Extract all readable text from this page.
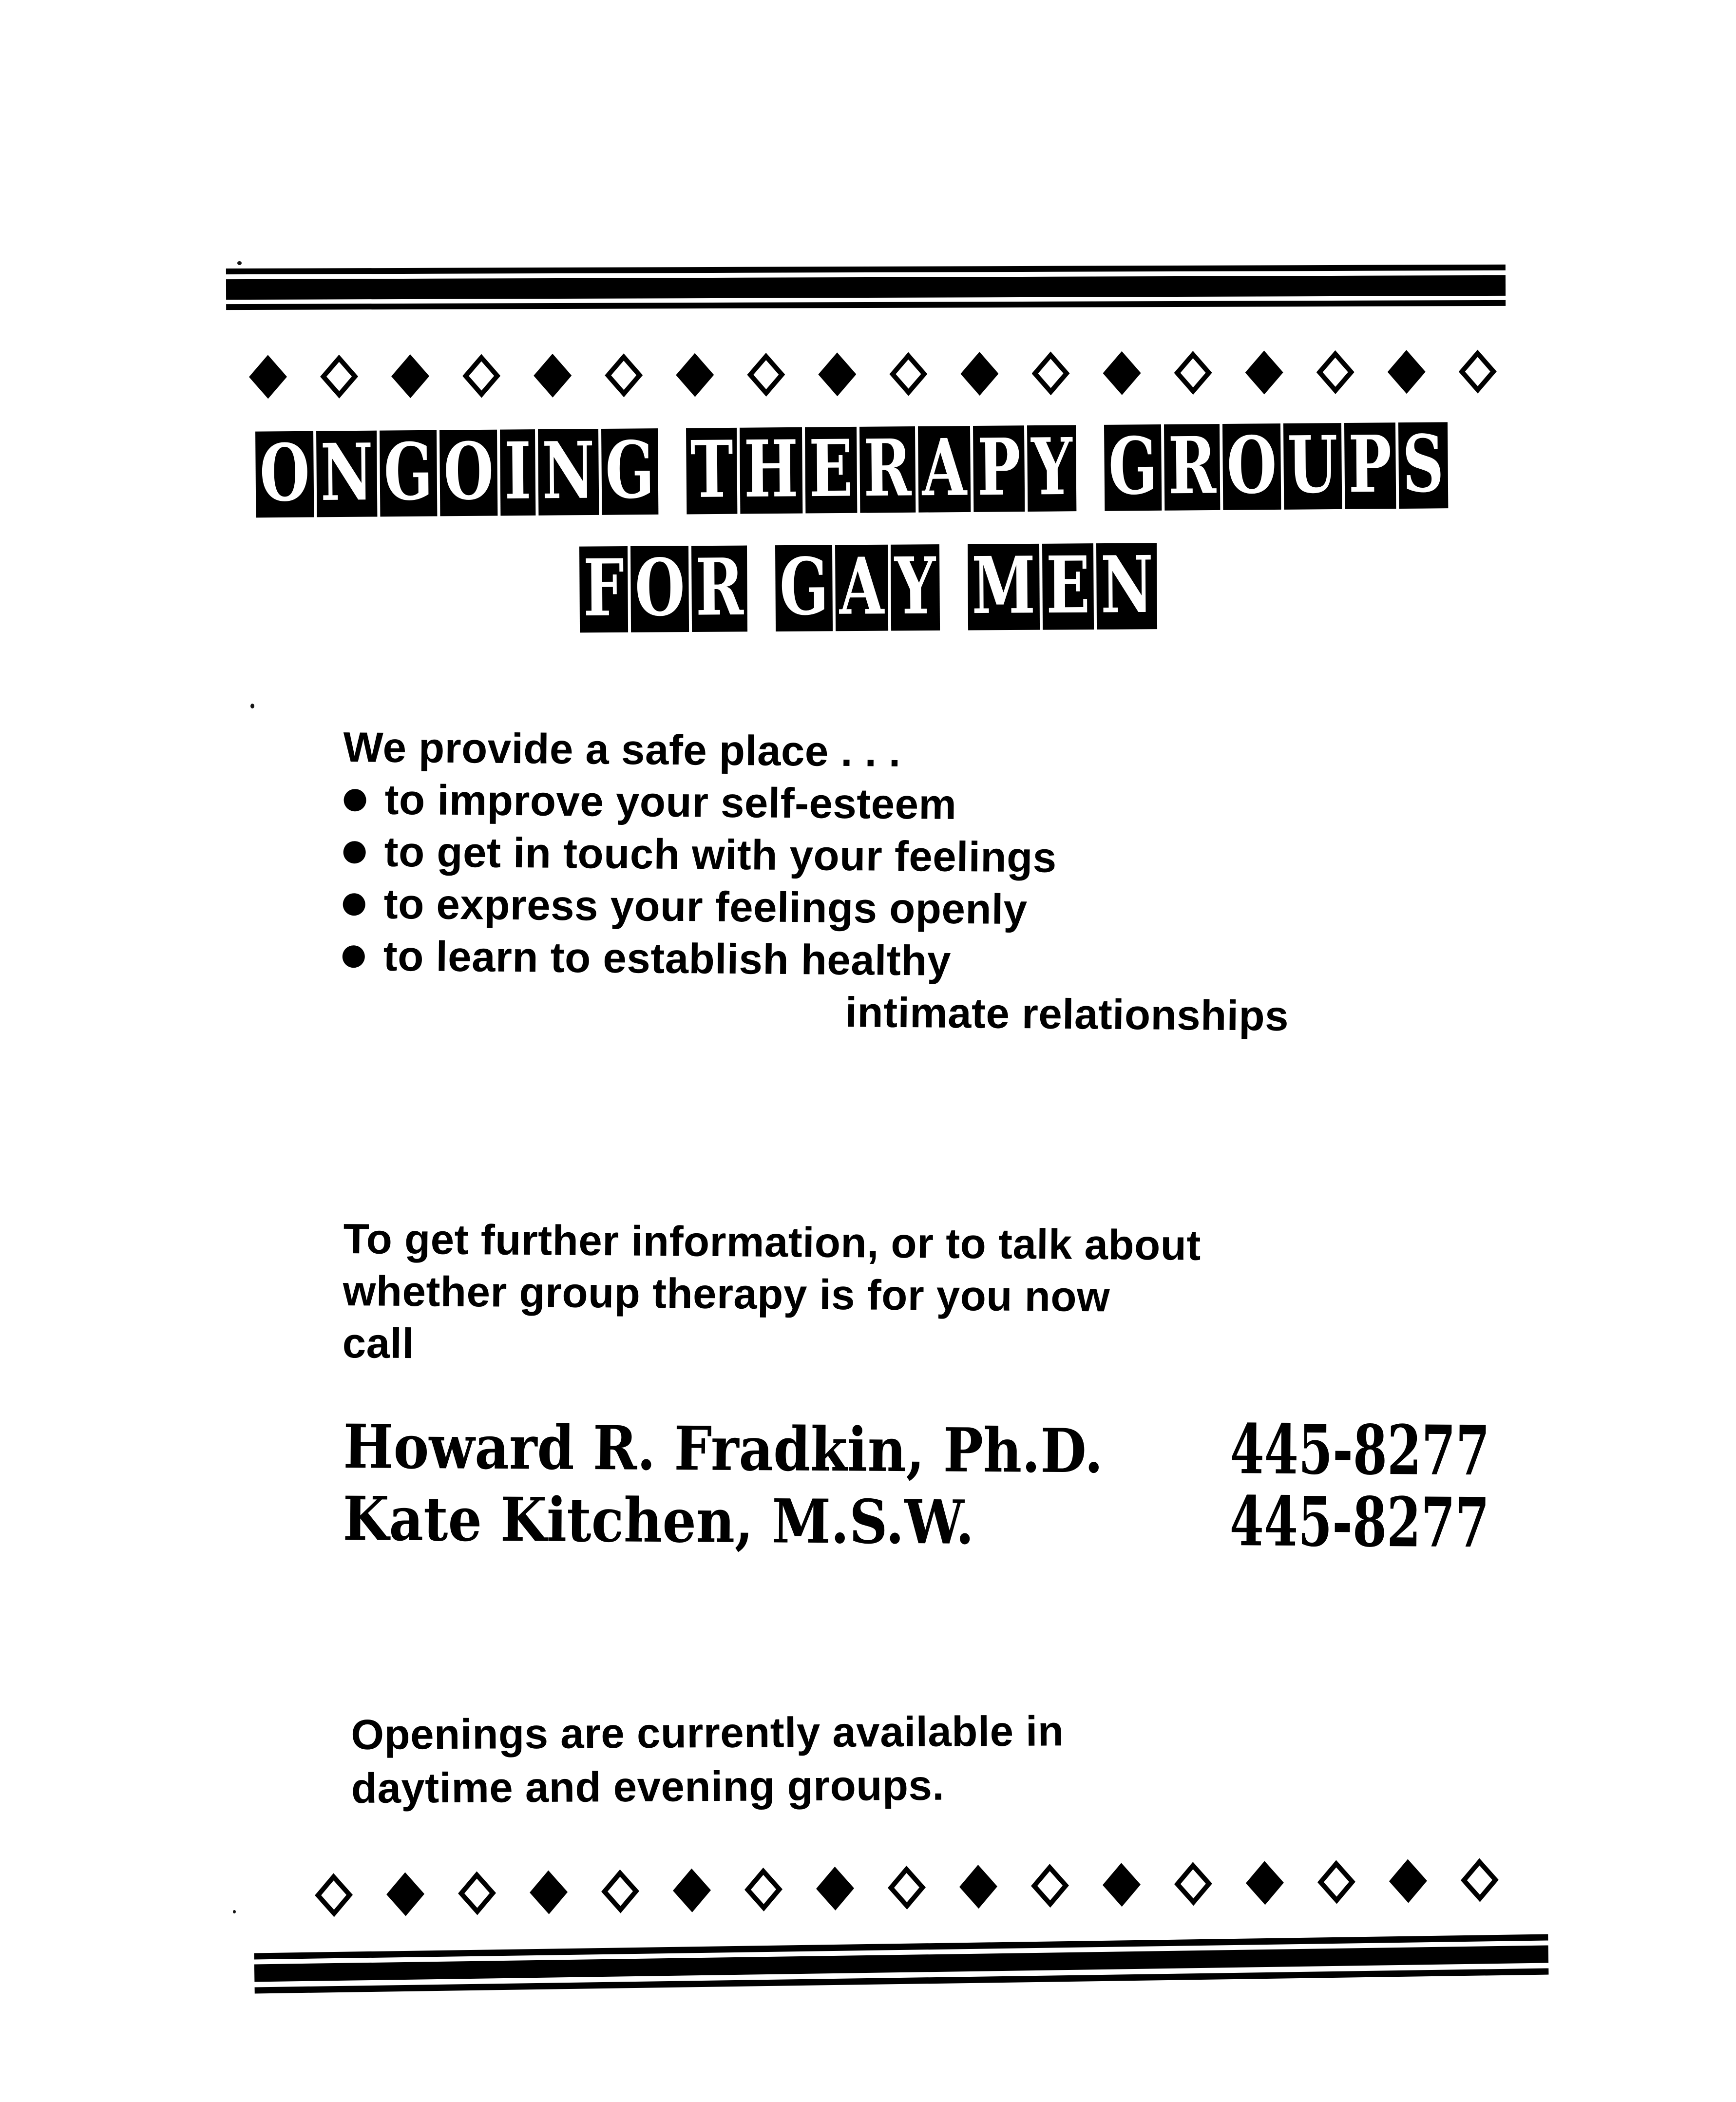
O N G O I N G T H E R A P Y G R O U P S
F O R G A Y M E N
We provide a safe place . . .
to improve your self-esteem
to get in touch with your feelings
to express your feelings openly
to learn to establish healthy
intimate relationships
To get further information, or to talk about
whether group therapy is for you now
call
Howard R. Fradkin, Ph.D. 445-8277
Kate Kitchen, M.S.W.	445-8277
Openings are currently available in
daytime and evening groups.
